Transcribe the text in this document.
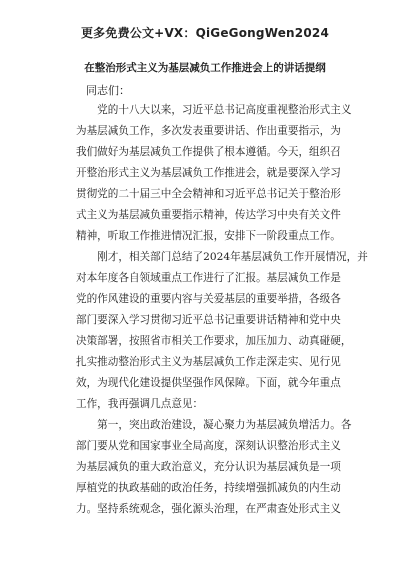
更多免费公文+VX：QiGeGongWen2024
在整治形式主义为基层减负工作推进会上的讲话提纲
同志们：
　　党的十八大以来，习近平总书记高度重视整治形式主义
为基层减负工作，多次发表重要讲话、作出重要指示，为
我们做好为基层减负工作提供了根本遵循。今天，组织召
开整治形式主义为基层减负工作推进会，就是要深入学习
贯彻党的二十届三中全会精神和习近平总书记关于整治形
式主义为基层减负重要指示精神，传达学习中央有关文件
精神，听取工作推进情况汇报，安排下一阶段重点工作。
　　刚才，相关部门总结了2024年基层减负工作开展情况，并
对本年度各自领域重点工作进行了汇报。基层减负工作是
党的作风建设的重要内容与关爱基层的重要举措，各级各
部门要深入学习贯彻习近平总书记重要讲话精神和党中央
决策部署，按照省市相关工作要求，加压加力、动真碰硬，
扎实推动整治形式主义为基层减负工作走深走实、见行见
效，为现代化建设提供坚强作风保障。下面，就今年重点
工作，我再强调几点意见：
　　第一，突出政治建设，凝心聚力为基层减负增活力。各
部门要从党和国家事业全局高度，深刻认识整治形式主义
为基层减负的重大政治意义，充分认识为基层减负是一项
厚植党的执政基础的政治任务，持续增强抓减负的内生动
力。坚持系统观念，强化源头治理，在严肃查处形式主义
